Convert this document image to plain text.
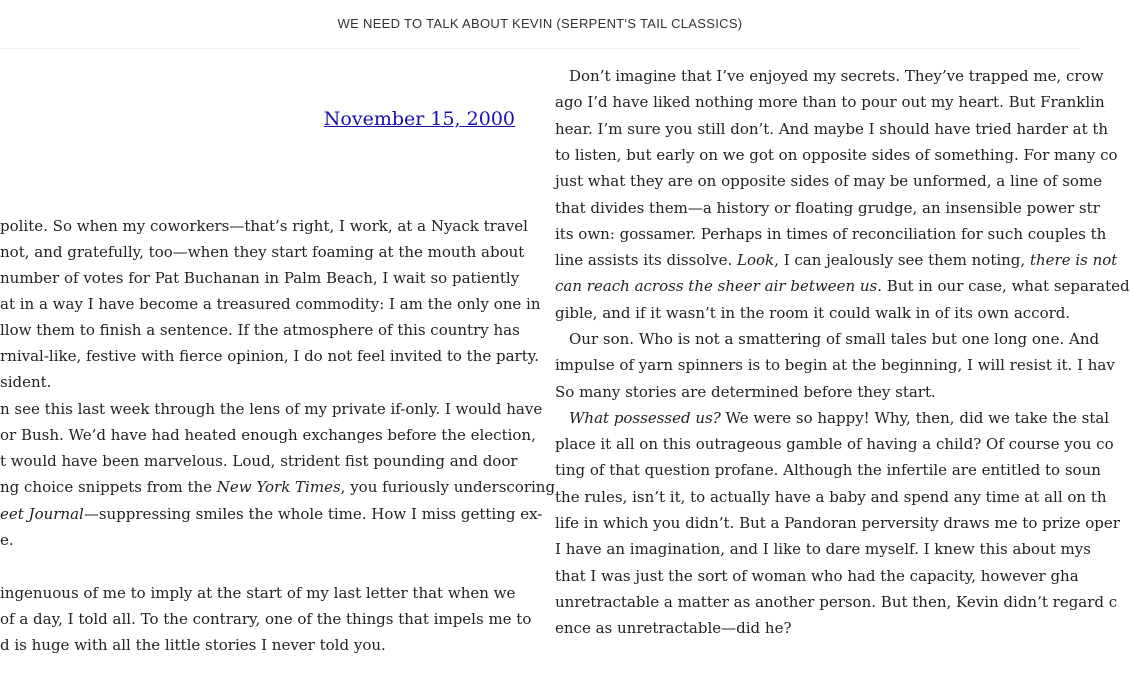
WE NEED TO TALK ABOUT KEVIN (SERPENT'S TAIL CLASSICS)
November 15, 2000
polite. So when my coworkers—that’s right, I work, at a Nyack travel
not, and gratefully, too—when they start foaming at the mouth about
number of votes for Pat Buchanan in Palm Beach, I wait so patiently
at in a way I have become a treasured commodity: I am the only one in
llow them to finish a sentence. If the atmosphere of this country has
rnival-like, festive with fierce opinion, I do not feel invited to the party.
sident.
n see this last week through the lens of my private if-only. I would have
or Bush. We’d have had heated enough exchanges before the election,
t would have been marvelous. Loud, strident fist pounding and door
ng choice snippets from the New York Times, you furiously underscoring
eet Journal—suppressing smiles the whole time. How I miss getting ex-
e.
ingenuous of me to imply at the start of my last letter that when we
of a day, I told all. To the contrary, one of the things that impels me to
d is huge with all the little stories I never told you.
Don’t imagine that I’ve enjoyed my secrets. They’ve trapped me, crow
ago I’d have liked nothing more than to pour out my heart. But Franklin
hear. I’m sure you still don’t. And maybe I should have tried harder at th
to listen, but early on we got on opposite sides of something. For many co
just what they are on opposite sides of may be unformed, a line of some
that divides them—a history or floating grudge, an insensible power str
its own: gossamer. Perhaps in times of reconciliation for such couples th
line assists its dissolve. Look, I can jealously see them noting, there is not
can reach across the sheer air between us. But in our case, what separated
gible, and if it wasn’t in the room it could walk in of its own accord.
Our son. Who is not a smattering of small tales but one long one. And
impulse of yarn spinners is to begin at the beginning, I will resist it. I hav
So many stories are determined before they start.
What possessed us? We were so happy! Why, then, did we take the stal
place it all on this outrageous gamble of having a child? Of course you co
ting of that question profane. Although the infertile are entitled to soun
the rules, isn’t it, to actually have a baby and spend any time at all on th
life in which you didn’t. But a Pandoran perversity draws me to prize oper
I have an imagination, and I like to dare myself. I knew this about mys
that I was just the sort of woman who had the capacity, however gha
unretractable a matter as another person. But then, Kevin didn’t regard c
ence as unretractable—did he?
